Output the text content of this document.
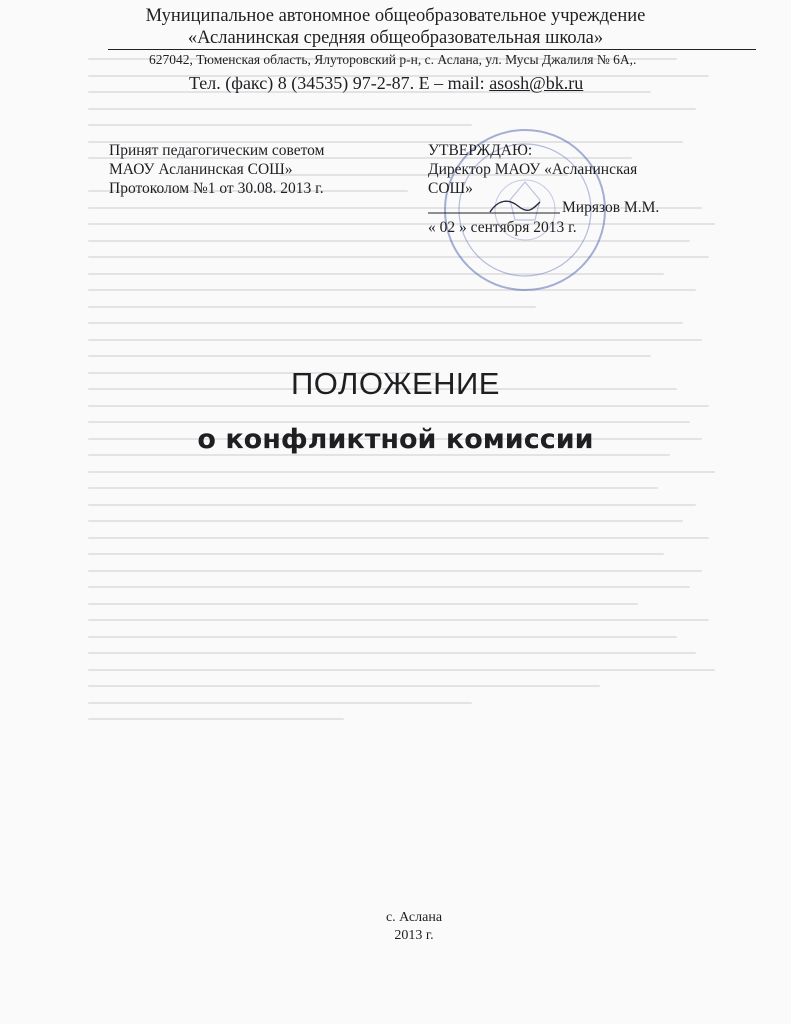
Муниципальное автономное общеобразовательное учреждение
«Асланинская средняя общеобразовательная школа»
627042, Тюменская область, Ялуторовский р-н, с. Аслана, ул. Мусы Джалиля № 6А,.
Тел. (факс) 8 (34535) 97-2-87. Е – mail: asosh@bk.ru
Принят педагогическим советом
МАОУ Асланинская СОШ»
Протоколом №1 от 30.08. 2013 г.
УТВЕРЖДАЮ:
Директор МАОУ «Асланинская
СОШ»
Мирязов М.М.
« 02 » сентября 2013 г.
ПОЛОЖЕНИЕ
о конфликтной комиссии
с. Аслана
2013 г.
